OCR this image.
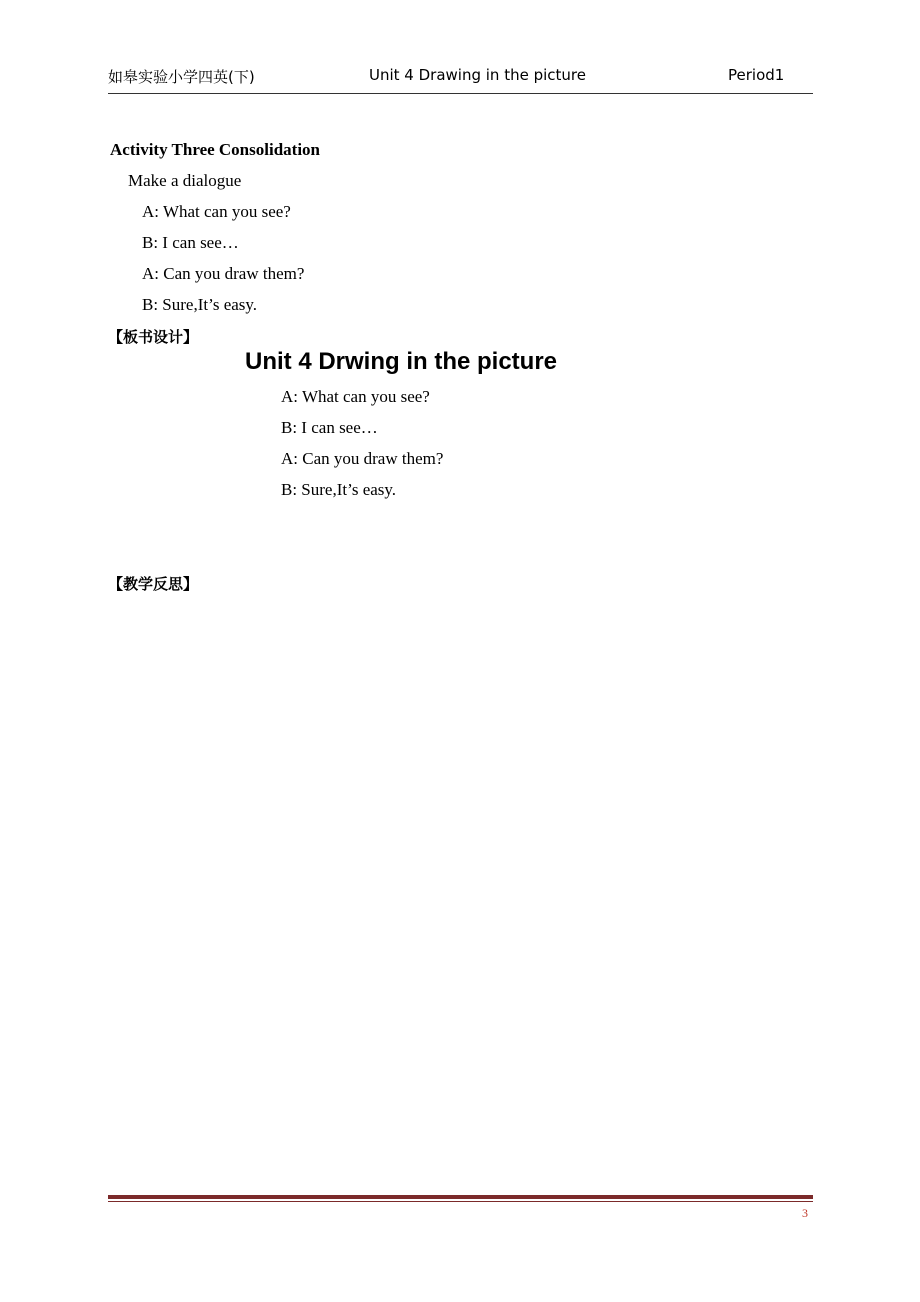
如皋实验小学四英(下)	Unit 4 Drawing in the picture	Period1
Activity Three Consolidation
Make a dialogue
A: What can you see?
B: I can see…
A: Can you draw them?
B: Sure,It’s easy.
【板书设计】
Unit 4 Drwing in the picture
A: What can you see?
B: I can see…
A: Can you draw them?
B: Sure,It’s easy.
【教学反思】
3
